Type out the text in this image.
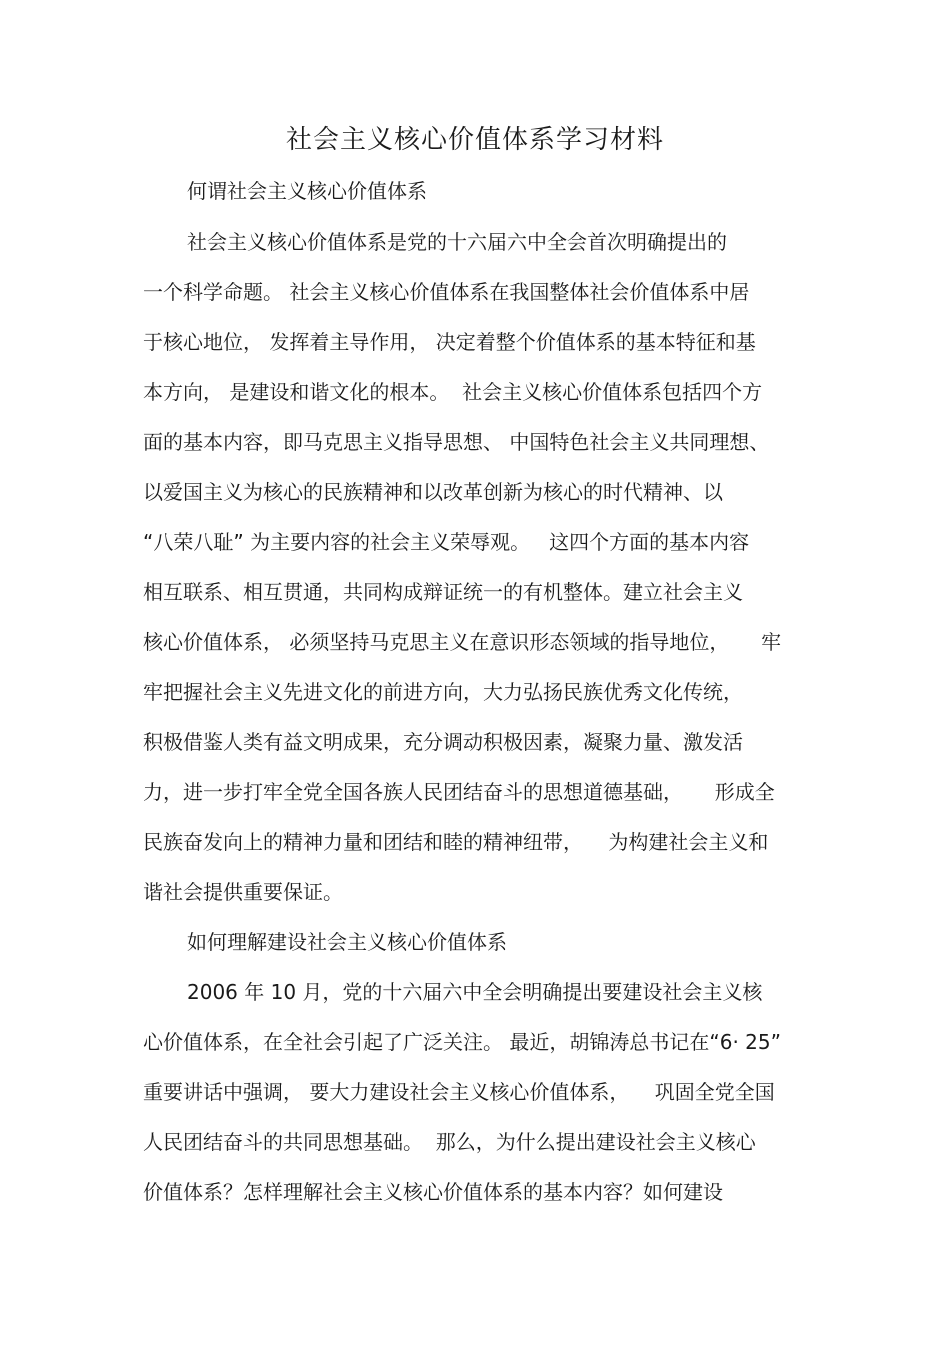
社会主义核心价值体系学习材料
何谓社会主义核心价值体系
社会主义核心价值体系是党的十六届六中全会首次明确提出的
一个科学命题。 社会主义核心价值体系在我国整体社会价值体系中居
于核心地位， 发挥着主导作用， 决定着整个价值体系的基本特征和基
本方向， 是建设和谐文化的根本。  社会主义核心价值体系包括四个方
面的基本内容，即马克思主义指导思想、 中国特色社会主义共同理想、
以爱国主义为核心的民族精神和以改革创新为核心的时代精神、以
“八荣八耻” 为主要内容的社会主义荣辱观。   这四个方面的基本内容
相互联系、相互贯通，共同构成辩证统一的有机整体。建立社会主义
核心价值体系， 必须坚持马克思主义在意识形态领域的指导地位，     牢
牢把握社会主义先进文化的前进方向，大力弘扬民族优秀文化传统，
积极借鉴人类有益文明成果，充分调动积极因素，凝聚力量、激发活
力，进一步打牢全党全国各族人民团结奋斗的思想道德基础，     形成全
民族奋发向上的精神力量和团结和睦的精神纽带，    为构建社会主义和
谐社会提供重要保证。
如何理解建设社会主义核心价值体系
2006 年 10 月，党的十六届六中全会明确提出要建设社会主义核
心价值体系，在全社会引起了广泛关注。 最近，胡锦涛总书记在“6· 25”
重要讲话中强调， 要大力建设社会主义核心价值体系，    巩固全党全国
人民团结奋斗的共同思想基础。  那么，为什么提出建设社会主义核心
价值体系？怎样理解社会主义核心价值体系的基本内容？如何建设
